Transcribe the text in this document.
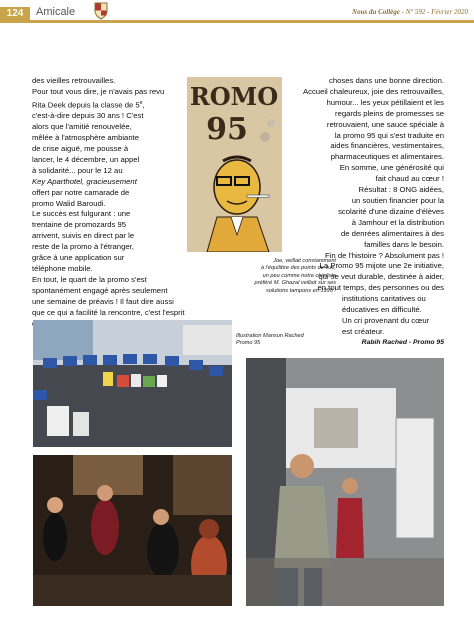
124	Amicale	Nous du Collège - N° 592 - Février 2020

des vieilles retrouvailles.

Pour tout vous dire, je n'avais pas revu

Rita Deek depuis la classe de 5e,

c'est-à-dire depuis 30 ans ! C'est

alors que l'amitié renouvelée,

mêlée à l'atmosphère ambiante

de crise aiguë, me pousse à

lancer, le 4 décembre, un appel

à solidarité... pour le 12 au

Key Aparthotel, gracieusement

offert par notre camarade de

promo Walid Baroudi.

Le succès est fulgurant : une

trentaine de promozards 95

arrivent, suivis en direct par le

reste de la promo à l'étranger,

grâce à une application sur

téléphone mobile.

En tout, le quart de la promo s'est

spontanément engagé après seulement

une semaine de préavis ! Il faut dire aussi

que ce qui a facilité la rencontre, c'est l'esprit

ROMO
95
Joe, veillait constamment
à l'équilibre des points de vue,
un peu comme notre chimiste
préféré M. Ghazal veillait sur ses
solutions tampons en 1995 !
Illustration Mansun Rached
Promo 95

choses dans une bonne direction.

Accueil chaleureux, joie des retrouvailles,

humour... les yeux pétillaient et les

regards pleins de promesses se

retrouvaient, une sauce spéciale à

la promo 95 qui s'est traduite en

aides financières, vestimentaires,

pharmaceutiques et alimentaires.

En somme, une générosité qui

fait chaud au cœur !

Résultat : 8 ONG aidées,

un soutien financier pour la

scolarité d'une dizaine d'élèves

à Jamhour et la distribution

de denrées alimentaires à des

familles dans le besoin.

Fin de l'histoire ? Absolument pas !

La Promo 95 mijote une 2e initiative,

qui se veut durable, destinée à aider,

en tout temps, des personnes ou des

institutions caritatives ou

éducatives en difficulté.

Un cri provenant du cœur

est créateur.

Rabih Rached - Promo 95
